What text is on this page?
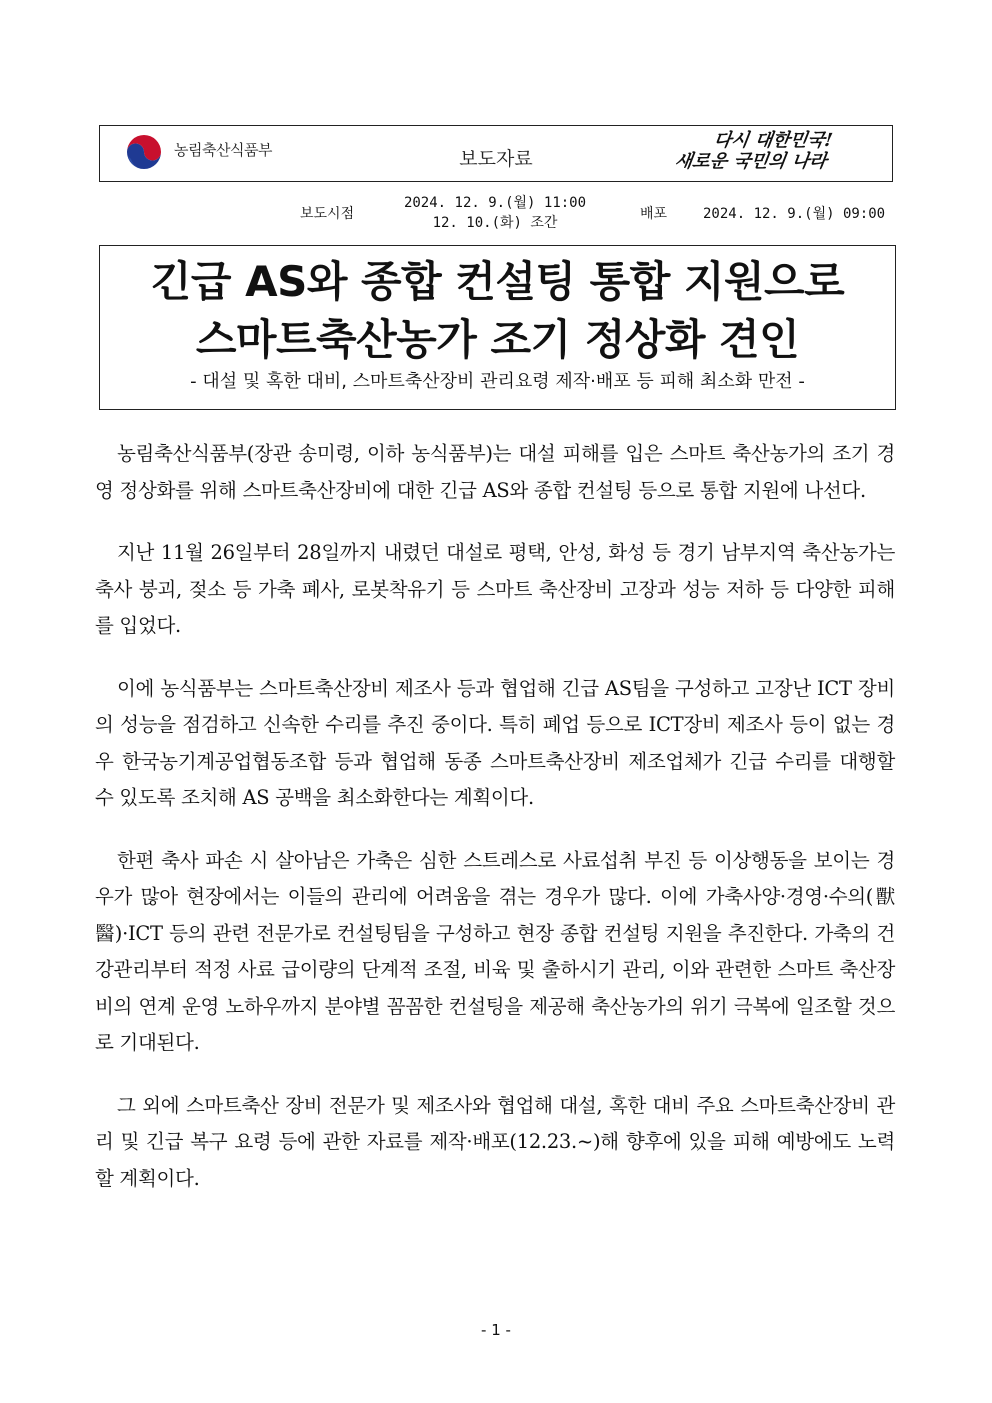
농림축산식품부	보도자료
다시 대한민국!
새로운 국민의 나라
보도시점
2024. 12. 9.(월) 11:00
12. 10.(화) 조간
배포	2024. 12. 9.(월) 09:00
긴급 AS와 종합 컨설팅 통합 지원으로
스마트축산농가 조기 정상화 견인
- 대설 및 혹한 대비, 스마트축산장비 관리요령 제작·배포 등 피해 최소화 만전 -

농림축산식품부(장관 송미령, 이하 농식품부)는 대설 피해를 입은 스마트 축산농가의 조기 경영 정상화를 위해 스마트축산장비에 대한 긴급 AS와 종합 컨설팅 등으로 통합 지원에 나선다.

지난 11월 26일부터 28일까지 내렸던 대설로 평택, 안성, 화성 등 경기 남부지역 축산농가는 축사 붕괴, 젖소 등 가축 폐사, 로봇착유기 등 스마트 축산장비 고장과 성능 저하 등 다양한 피해를 입었다.

이에 농식품부는 스마트축산장비 제조사 등과 협업해 긴급 AS팀을 구성하고 고장난 ICT 장비의 성능을 점검하고 신속한 수리를 추진 중이다. 특히 폐업 등으로 ICT장비 제조사 등이 없는 경우 한국농기계공업협동조합 등과 협업해 동종 스마트축산장비 제조업체가 긴급 수리를 대행할 수 있도록 조치해 AS 공백을 최소화한다는 계획이다.

한편 축사 파손 시 살아남은 가축은 심한 스트레스로 사료섭취 부진 등 이상행동을 보이는 경우가 많아 현장에서는 이들의 관리에 어려움을 겪는 경우가 많다. 이에 가축사양·경영·수의(獸醫)·ICT 등의 관련 전문가로 컨설팅팀을 구성하고 현장 종합 컨설팅 지원을 추진한다. 가축의 건강관리부터 적정 사료 급이량의 단계적 조절, 비육 및 출하시기 관리, 이와 관련한 스마트 축산장비의 연계 운영 노하우까지 분야별 꼼꼼한 컨설팅을 제공해 축산농가의 위기 극복에 일조할 것으로 기대된다.

그 외에 스마트축산 장비 전문가 및 제조사와 협업해 대설, 혹한 대비 주요 스마트축산장비 관리 및 긴급 복구 요령 등에 관한 자료를 제작·배포(12.23.~)해 향후에 있을 피해 예방에도 노력할 계획이다.

- 1 -
